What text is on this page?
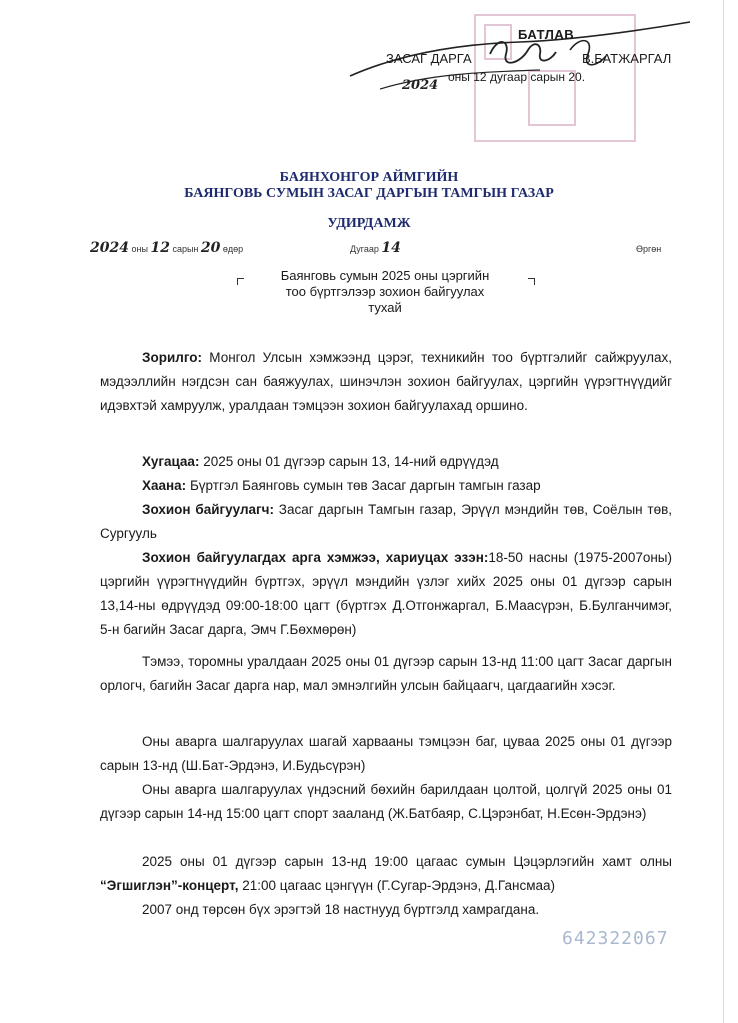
БАТЛАВ
ЗАСАГ ДАРГА	В.БАТЖАРГАЛ
2024
оны 12 дугаар сарын 20.
БАЯНХОНГОР АЙМГИЙН
БАЯНГОВЬ СУМЫН ЗАСАГ ДАРГЫН ТАМГЫН ГАЗАР
УДИРДАМЖ
2024 оны 12 сарын 20 өдөр	Дугаар 14	Өргөн
Баянговь сумын 2025 оны цэргийн
тоо бүртгэлээр зохион байгуулах
тухай
Зорилго: Монгол Улсын хэмжээнд цэрэг, техникийн тоо бүртгэлийг сайжруулах, мэдээллийн нэгдсэн сан баяжуулах, шинэчлэн зохион байгуулах, цэргийн үүрэгтнүүдийг идэвхтэй хамруулж, уралдаан тэмцээн зохион байгуулахад оршино.
Хугацаа: 2025 оны 01 дүгээр сарын 13, 14-ний өдрүүдэд
Хаана: Бүртгэл Баянговь сумын төв Засаг даргын тамгын газар
Зохион байгуулагч: Засаг даргын Тамгын газар, Эрүүл мэндийн төв, Соёлын төв, Сургууль
Зохион байгуулагдах арга хэмжээ, хариуцах эзэн:18-50 насны (1975-2007оны) цэргийн үүрэгтнүүдийн бүртгэх, эрүүл мэндийн үзлэг хийх 2025 оны 01 дүгээр сарын 13,14-ны өдрүүдэд 09:00-18:00 цагт (бүртгэх Д.Отгонжаргал, Б.Маасүрэн, Б.Булганчимэг, 5-н багийн Засаг дарга, Эмч Г.Бөхмөрөн)
Тэмээ, торомны уралдаан 2025 оны 01 дүгээр сарын 13-нд 11:00 цагт Засаг даргын орлогч, багийн Засаг дарга нар, мал эмнэлгийн улсын байцаагч, цагдаагийн хэсэг.
Оны аварга шалгаруулах шагай харвааны тэмцээн баг, цуваа 2025 оны 01 дүгээр сарын 13-нд (Ш.Бат-Эрдэнэ, И.Будьсүрэн)
Оны аварга шалгаруулах үндэсний бөхийн барилдаан цолтой, цолгүй 2025 оны 01 дүгээр сарын 14-нд 15:00 цагт спорт зааланд (Ж.Батбаяр, С.Цэрэнбат, Н.Есөн-Эрдэнэ)
2025 оны 01 дүгээр сарын 13-нд 19:00 цагаас сумын Цэцэрлэгийн хамт олны “Эгшиглэн”-концерт, 21:00 цагаас цэнгүүн (Г.Сугар-Эрдэнэ, Д.Гансмаа)
2007 онд төрсөн бүх эрэгтэй 18 настнууд бүртгэлд хамрагдана.
642322067
